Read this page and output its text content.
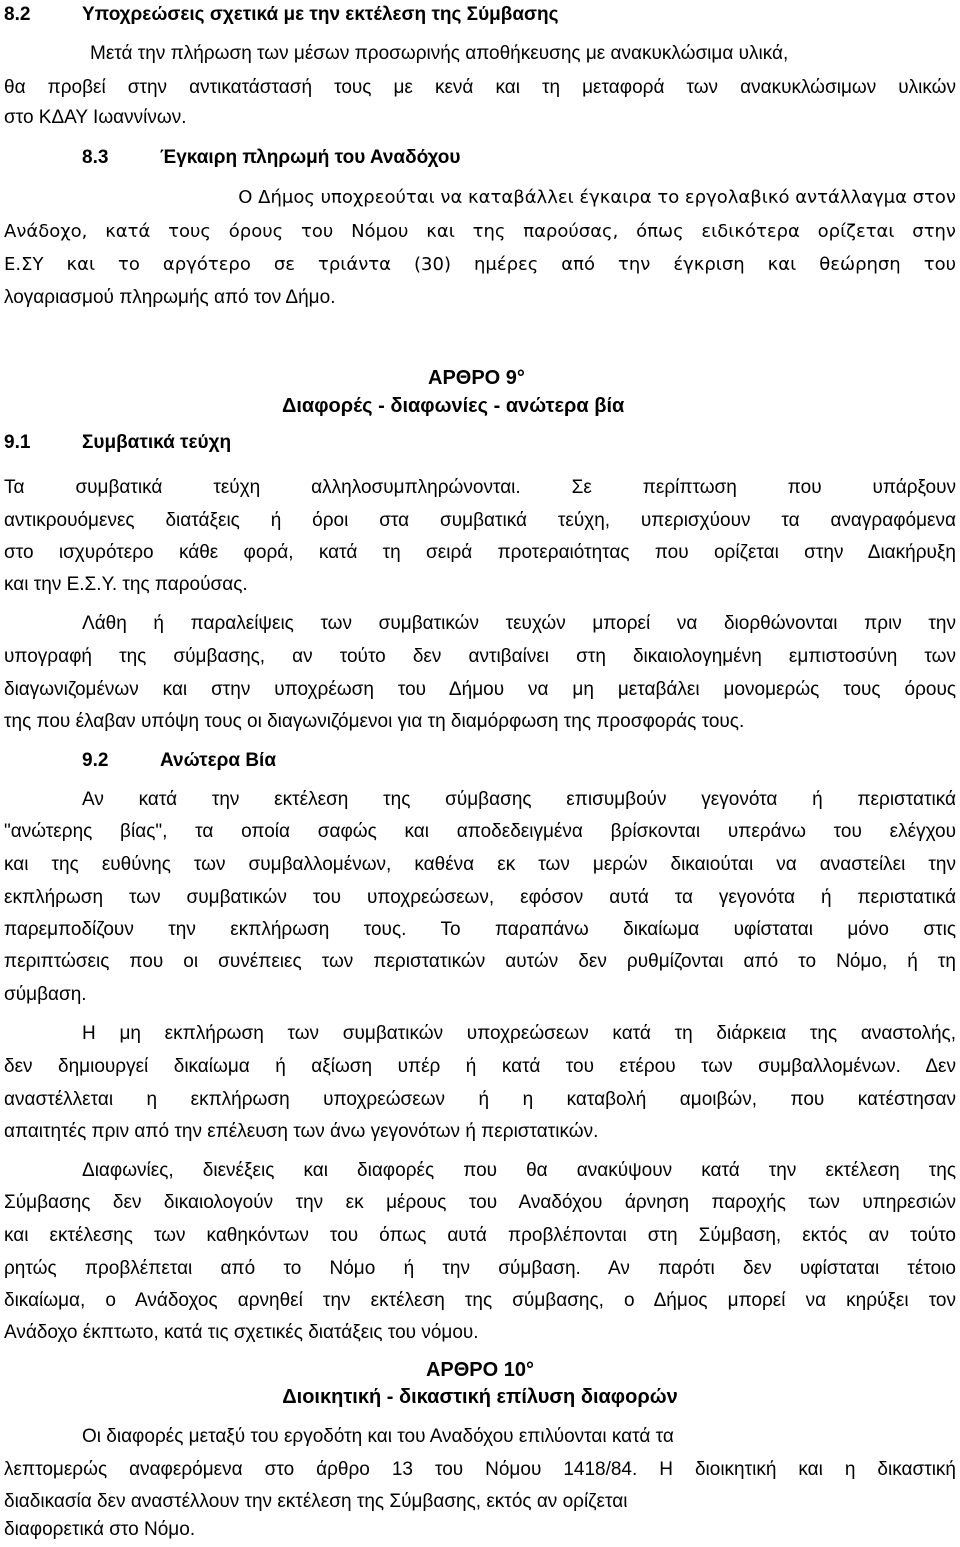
8.2	Υποχρεώσεις σχετικά με την εκτέλεση της Σύμβασης
Μετά την πλήρωση των μέσων προσωρινής αποθήκευσης με ανακυκλώσιμα υλικά,
θα προβεί στην αντικατάστασή τους με κενά και τη μεταφορά των ανακυκλώσιμων υλικών
στο ΚΔΑΥ Ιωαννίνων.
8.3	Έγκαιρη πληρωμή του Αναδόχου
Ο Δήμος υποχρεούται να καταβάλλει έγκαιρα το εργολαβικό αντάλλαγμα στον
Ανάδοχο, κατά τους όρους του Νόμου και της παρούσας, όπως ειδικότερα ορίζεται στην
Ε.ΣΥ και το αργότερο σε τριάντα (30) ημέρες από την έγκριση και θεώρηση του
λογαριασμού πληρωμής από τον Δήμο.
ΑΡΘΡΟ 9°
Διαφορές - διαφωνίες - ανώτερα βία
9.1	Συμβατικά τεύχη
Τα συμβατικά τεύχη αλληλοσυμπληρώνονται. Σε περίπτωση που υπάρξουν
αντικρουόμενες διατάξεις ή όροι στα συμβατικά τεύχη, υπερισχύουν τα αναγραφόμενα
στο ισχυρότερο κάθε φορά, κατά τη σειρά προτεραιότητας που ορίζεται στην Διακήρυξη
και την Ε.Σ.Υ. της παρούσας.
Λάθη ή παραλείψεις των συμβατικών τευχών μπορεί να διορθώνονται πριν την
υπογραφή της σύμβασης, αν τούτο δεν αντιβαίνει στη δικαιολογημένη εμπιστοσύνη των
διαγωνιζομένων και στην υποχρέωση του Δήμου να μη μεταβάλει μονομερώς τους όρους
της που έλαβαν υπόψη τους οι διαγωνιζόμενοι για τη διαμόρφωση της προσφοράς τους.
9.2	Ανώτερα Βία
Αν κατά την εκτέλεση της σύμβασης επισυμβούν γεγονότα ή περιστατικά
"ανώτερης βίας", τα οποία σαφώς και αποδεδειγμένα βρίσκονται υπεράνω του ελέγχου
και της ευθύνης των συμβαλλομένων, καθένα εκ των μερών δικαιούται να αναστείλει την
εκπλήρωση των συμβατικών του υποχρεώσεων, εφόσον αυτά τα γεγονότα ή περιστατικά
παρεμποδίζουν την εκπλήρωση τους. Το παραπάνω δικαίωμα υφίσταται μόνο στις
περιπτώσεις που οι συνέπειες των περιστατικών αυτών δεν ρυθμίζονται από το Νόμο, ή τη
σύμβαση.
Η μη εκπλήρωση των συμβατικών υποχρεώσεων κατά τη διάρκεια της αναστολής,
δεν δημιουργεί δικαίωμα ή αξίωση υπέρ ή κατά του ετέρου των συμβαλλομένων. Δεν
αναστέλλεται η εκπλήρωση υποχρεώσεων ή η καταβολή αμοιβών, που κατέστησαν
απαιτητές πριν από την επέλευση των άνω γεγονότων ή περιστατικών.
Διαφωνίες, διενέξεις και διαφορές που θα ανακύψουν κατά την εκτέλεση της
Σύμβασης δεν δικαιολογούν την εκ μέρους του Αναδόχου άρνηση παροχής των υπηρεσιών
και εκτέλεσης των καθηκόντων του όπως αυτά προβλέπονται στη Σύμβαση, εκτός αν τούτο
ρητώς προβλέπεται από το Νόμο ή την σύμβαση. Αν παρότι δεν υφίσταται τέτοιο
δικαίωμα, ο Ανάδοχος αρνηθεί την εκτέλεση της σύμβασης, ο Δήμος μπορεί να κηρύξει τον
Ανάδοχο έκπτωτο, κατά τις σχετικές διατάξεις του νόμου.
ΑΡΘΡΟ 10°
Διοικητική - δικαστική επίλυση διαφορών
Οι διαφορές μεταξύ του εργοδότη και του Αναδόχου επιλύονται κατά τα
λεπτομερώς αναφερόμενα στο άρθρο 13 του Νόμου 1418/84. Η διοικητική και η δικαστική
διαδικασία δεν αναστέλλουν την εκτέλεση της Σύμβασης, εκτός αν ορίζεται
διαφορετικά στο Νόμο.
